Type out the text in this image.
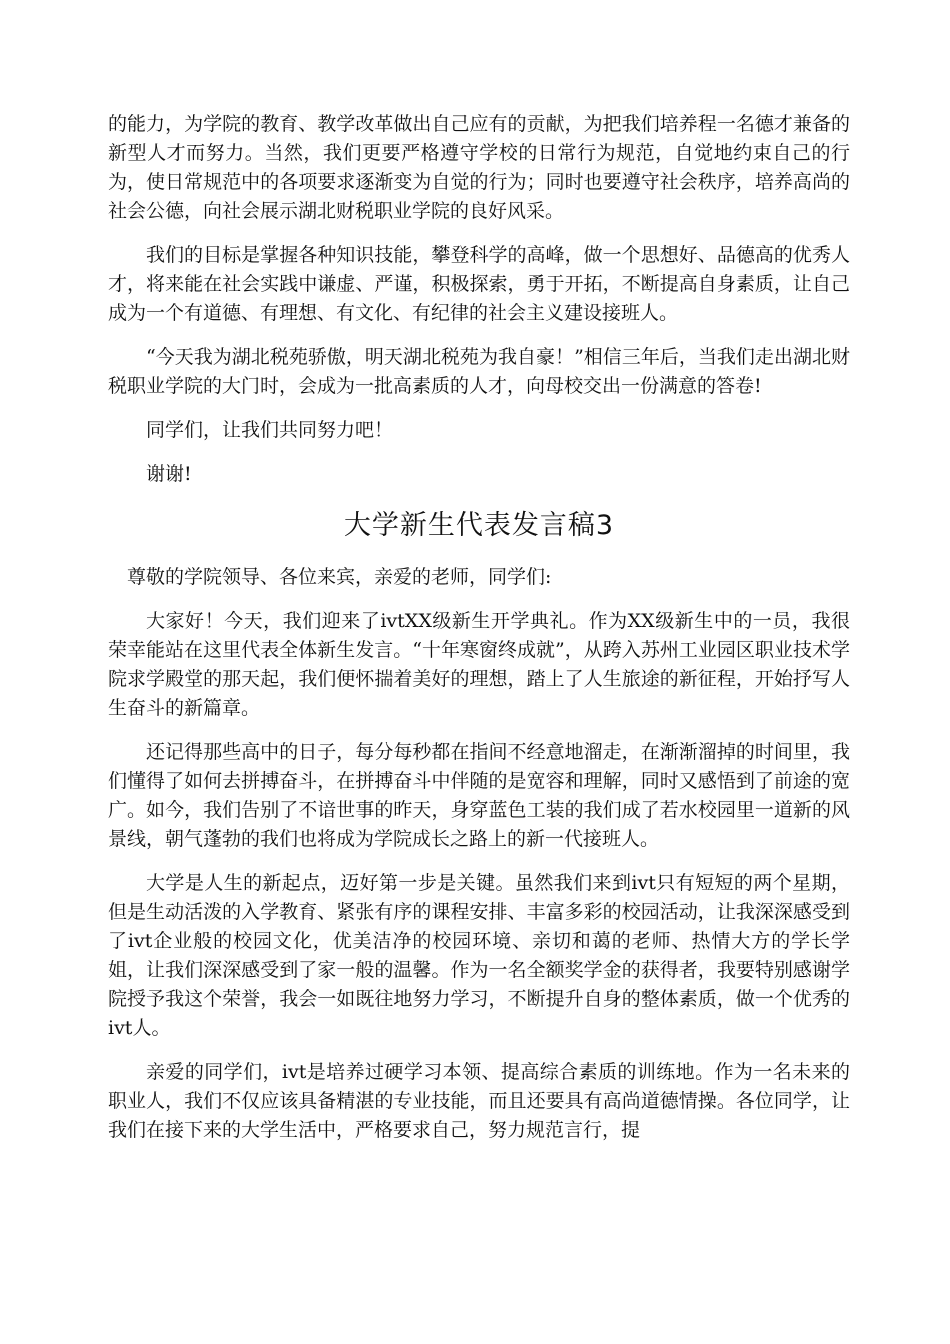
的能力，为学院的教育、教学改革做出自己应有的贡献，为把我们培养程一名德才兼备的新型人才而努力。当然，我们更要严格遵守学校的日常行为规范，自觉地约束自己的行为，使日常规范中的各项要求逐渐变为自觉的行为；同时也要遵守社会秩序，培养高尚的社会公德，向社会展示湖北财税职业学院的良好风采。

我们的目标是掌握各种知识技能，攀登科学的高峰，做一个思想好、品德高的优秀人才，将来能在社会实践中谦虚、严谨，积极探索，勇于开拓，不断提高自身素质，让自己成为一个有道德、有理想、有文化、有纪律的社会主义建设接班人。

“今天我为湖北税苑骄傲，明天湖北税苑为我自豪！”相信三年后，当我们走出湖北财税职业学院的大门时，会成为一批高素质的人才，向母校交出一份满意的答卷!

同学们，让我们共同努力吧！

谢谢!

大学新生代表发言稿3

尊敬的学院领导、各位来宾，亲爱的老师，同学们:

大家好！今天，我们迎来了ivtXX级新生开学典礼。作为XX级新生中的一员，我很荣幸能站在这里代表全体新生发言。“十年寒窗终成就”，从跨入苏州工业园区职业技术学院求学殿堂的那天起，我们便怀揣着美好的理想，踏上了人生旅途的新征程，开始抒写人生奋斗的新篇章。

还记得那些高中的日子，每分每秒都在指间不经意地溜走，在渐渐溜掉的时间里，我们懂得了如何去拼搏奋斗，在拼搏奋斗中伴随的是宽容和理解，同时又感悟到了前途的宽广。如今，我们告别了不谙世事的昨天，身穿蓝色工装的我们成了若水校园里一道新的风景线，朝气蓬勃的我们也将成为学院成长之路上的新一代接班人。

大学是人生的新起点，迈好第一步是关键。虽然我们来到ivt只有短短的两个星期，但是生动活泼的入学教育、紧张有序的课程安排、丰富多彩的校园活动，让我深深感受到了ivt企业般的校园文化，优美洁净的校园环境、亲切和蔼的老师、热情大方的学长学姐，让我们深深感受到了家一般的温馨。作为一名全额奖学金的获得者，我要特别感谢学院授予我这个荣誉，我会一如既往地努力学习，不断提升自身的整体素质，做一个优秀的ivt人。

亲爱的同学们，ivt是培养过硬学习本领、提高综合素质的训练地。作为一名未来的职业人，我们不仅应该具备精湛的专业技能，而且还要具有高尚道德情操。各位同学，让我们在接下来的大学生活中，严格要求自己，努力规范言行，提
